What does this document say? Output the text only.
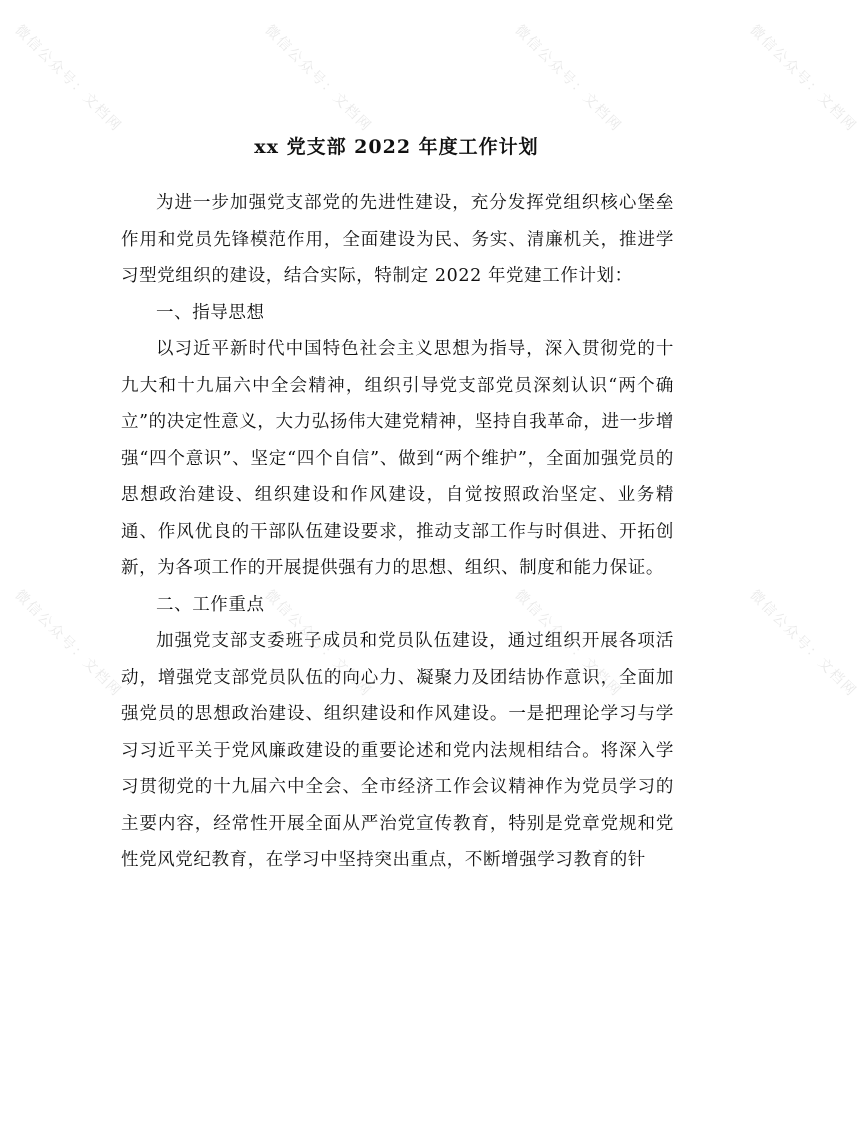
微信公众号：文档网	微信公众号：文档网	微信公众号：文档网	微信公众号：文档网
微信公众号：文档网	微信公众号：文档网	微信公众号：文档网	微信公众号：文档网
xx 党支部 2022 年度工作计划

为进一步加强党支部党的先进性建设，充分发挥党组织核心堡垒作用和党员先锋模范作用，全面建设为民、务实、清廉机关，推进学习型党组织的建设，结合实际，特制定 2022 年党建工作计划：

一、指导思想

以习近平新时代中国特色社会主义思想为指导，深入贯彻党的十九大和十九届六中全会精神，组织引导党支部党员深刻认识“两个确立”的决定性意义，大力弘扬伟大建党精神，坚持自我革命，进一步增强“四个意识”、坚定“四个自信”、做到“两个维护”，全面加强党员的思想政治建设、组织建设和作风建设，自觉按照政治坚定、业务精通、作风优良的干部队伍建设要求，推动支部工作与时俱进、开拓创新，为各项工作的开展提供强有力的思想、组织、制度和能力保证。

二、工作重点

加强党支部支委班子成员和党员队伍建设，通过组织开展各项活动，增强党支部党员队伍的向心力、凝聚力及团结协作意识，全面加强党员的思想政治建设、组织建设和作风建设。一是把理论学习与学习习近平关于党风廉政建设的重要论述和党内法规相结合。将深入学习贯彻党的十九届六中全会、全市经济工作会议精神作为党员学习的主要内容，经常性开展全面从严治党宣传教育，特别是党章党规和党性党风党纪教育，在学习中坚持突出重点，不断增强学习教育的针
